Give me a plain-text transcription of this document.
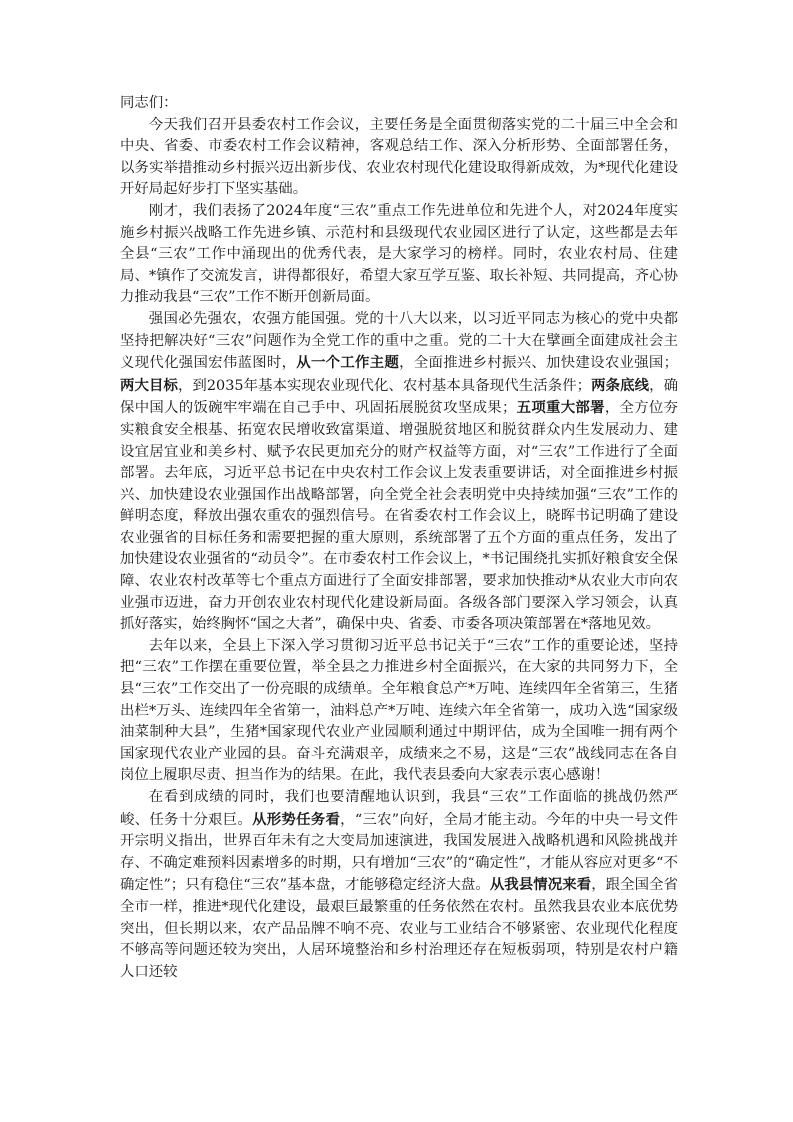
同志们：

今天我们召开县委农村工作会议，主要任务是全面贯彻落实党的二十届三中全会和中央、省委、市委农村工作会议精神，客观总结工作、深入分析形势、全面部署任务，以务实举措推动乡村振兴迈出新步伐、农业农村现代化建设取得新成效，为*现代化建设开好局起好步打下坚实基础。

刚才，我们表扬了2024年度“三农”重点工作先进单位和先进个人，对2024年度实施乡村振兴战略工作先进乡镇、示范村和县级现代农业园区进行了认定，这些都是去年全县“三农”工作中涌现出的优秀代表，是大家学习的榜样。同时，农业农村局、住建局、*镇作了交流发言，讲得都很好，希望大家互学互鉴、取长补短、共同提高，齐心协力推动我县“三农”工作不断开创新局面。

强国必先强农，农强方能国强。党的十八大以来，以习近平同志为核心的党中央都坚持把解决好“三农”问题作为全党工作的重中之重。党的二十大在擘画全面建成社会主义现代化强国宏伟蓝图时，从一个工作主题，全面推进乡村振兴、加快建设农业强国；两大目标，到2035年基本实现农业现代化、农村基本具备现代生活条件；两条底线，确保中国人的饭碗牢牢端在自己手中、巩固拓展脱贫攻坚成果；五项重大部署，全方位夯实粮食安全根基、拓宽农民增收致富渠道、增强脱贫地区和脱贫群众内生发展动力、建设宜居宜业和美乡村、赋予农民更加充分的财产权益等方面，对“三农”工作进行了全面部署。去年底，习近平总书记在中央农村工作会议上发表重要讲话，对全面推进乡村振兴、加快建设农业强国作出战略部署，向全党全社会表明党中央持续加强“三农”工作的鲜明态度，释放出强农重农的强烈信号。在省委农村工作会议上，晓晖书记明确了建设农业强省的目标任务和需要把握的重大原则，系统部署了五个方面的重点任务，发出了加快建设农业强省的“动员令”。在市委农村工作会议上，*书记围绕扎实抓好粮食安全保障、农业农村改革等七个重点方面进行了全面安排部署，要求加快推动*从农业大市向农业强市迈进，奋力开创农业农村现代化建设新局面。各级各部门要深入学习领会，认真抓好落实，始终胸怀“国之大者”，确保中央、省委、市委各项决策部署在*落地见效。

去年以来，全县上下深入学习贯彻习近平总书记关于“三农”工作的重要论述，坚持把“三农”工作摆在重要位置，举全县之力推进乡村全面振兴，在大家的共同努力下，全县“三农”工作交出了一份亮眼的成绩单。全年粮食总产*万吨、连续四年全省第三，生猪出栏*万头、连续四年全省第一，油料总产*万吨、连续六年全省第一，成功入选“国家级油菜制种大县”，生猪*国家现代农业产业园顺利通过中期评估，成为全国唯一拥有两个国家现代农业产业园的县。奋斗充满艰辛，成绩来之不易，这是“三农”战线同志在各自岗位上履职尽责、担当作为的结果。在此，我代表县委向大家表示衷心感谢！

在看到成绩的同时，我们也要清醒地认识到，我县“三农”工作面临的挑战仍然严峻、任务十分艰巨。从形势任务看，“三农”向好，全局才能主动。今年的中央一号文件开宗明义指出，世界百年未有之大变局加速演进，我国发展进入战略机遇和风险挑战并存、不确定难预料因素增多的时期，只有增加“三农”的“确定性”，才能从容应对更多“不确定性”；只有稳住“三农”基本盘，才能够稳定经济大盘。从我县情况来看，跟全国全省全市一样，推进*现代化建设，最艰巨最繁重的任务依然在农村。虽然我县农业本底优势突出，但长期以来，农产品品牌不响不亮、农业与工业结合不够紧密、农业现代化程度不够高等问题还较为突出，人居环境整治和乡村治理还存在短板弱项，特别是农村户籍人口还较
